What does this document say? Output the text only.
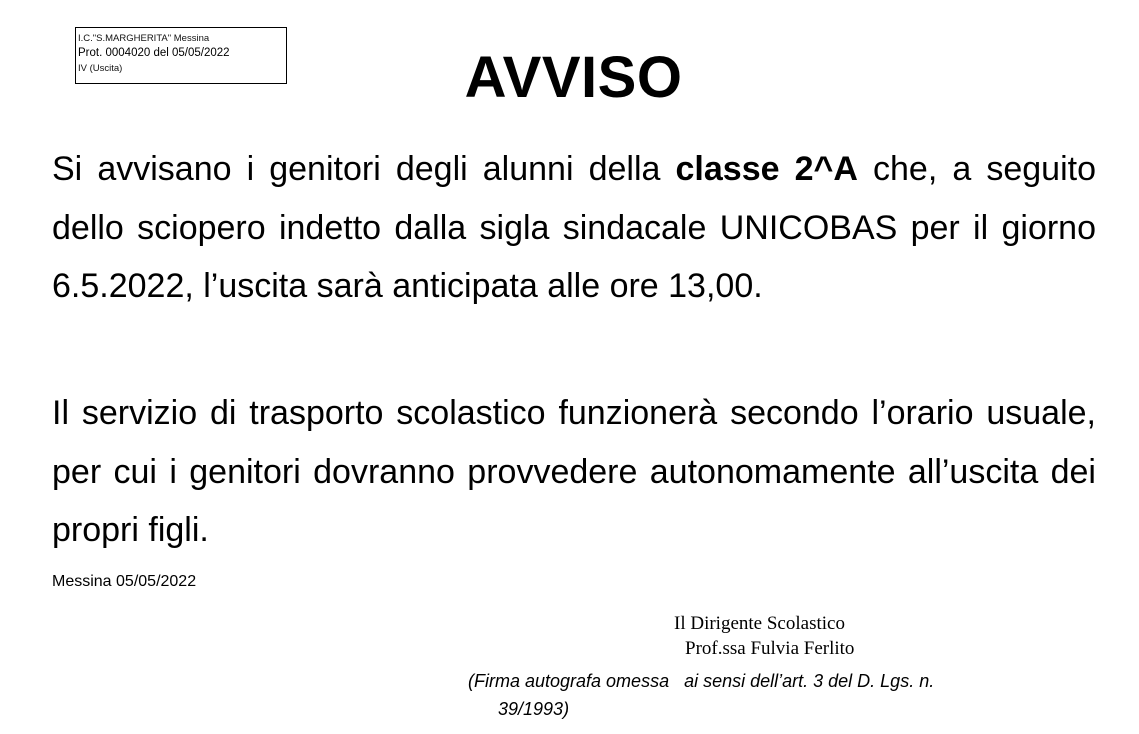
I.C."S.MARGHERITA" Messina
Prot. 0004020 del 05/05/2022
IV (Uscita)	AVVISO

Si avvisano i genitori degli alunni della classe 2^A che, a seguito dello sciopero indetto dalla sigla sindacale UNICOBAS per il giorno 6.5.2022, l’uscita sarà anticipata alle ore 13,00.

Il servizio di trasporto scolastico funzionerà secondo l’orario usuale, per cui i genitori dovranno provvedere autonomamente all’uscita dei propri figli.

Messina 05/05/2022
Il Dirigente Scolastico
Prof.ssa Fulvia Ferlito
(Firma autografa omessa   ai sensi dell’art. 3 del D. Lgs. n.
39/1993)
